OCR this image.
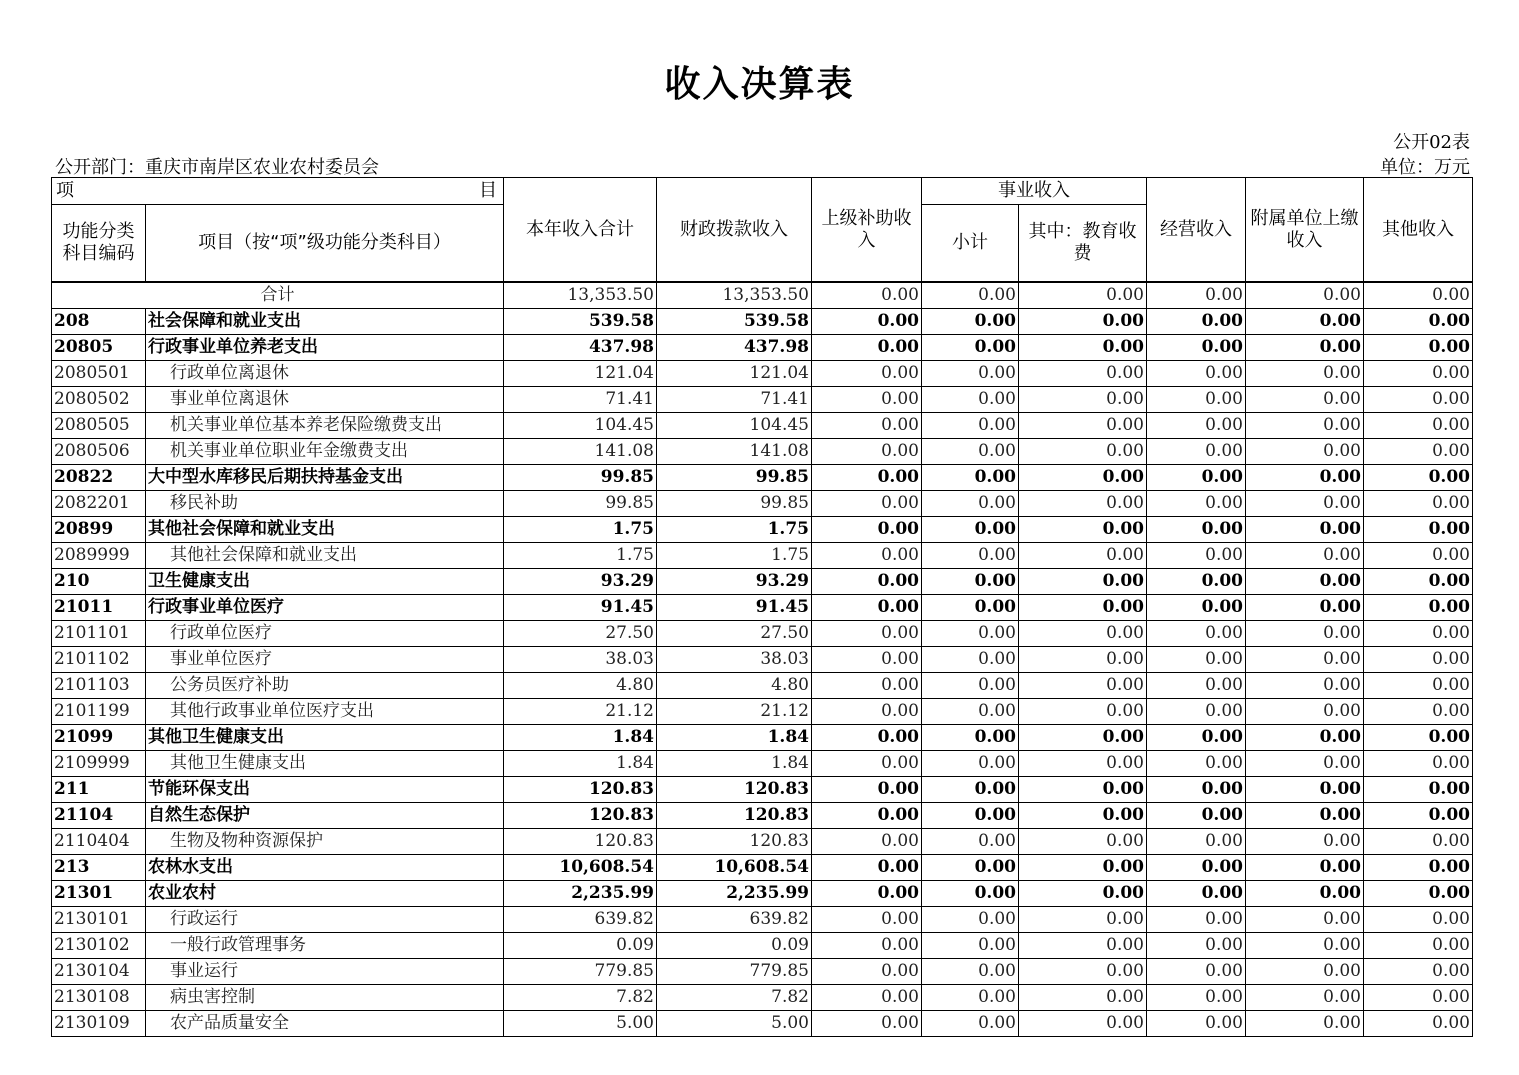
收入决算表
公开02表
公开部门：重庆市南岸区农业农村委员会	单位：万元
项 目		本年收入合计	财政拨款收入	上级补助收入	事业收入		经营收入	附属单位上缴收入	其他收入
功能分类科目编码	项目（按“项”级功能分类科目）				小计	其中：教育收费			
合计		13,353.50	13,353.50	0.00	0.00	0.00	0.00	0.00	0.00
208	社会保障和就业支出	539.58	539.58	0.00	0.00	0.00	0.00	0.00	0.00
20805	行政事业单位养老支出	437.98	437.98	0.00	0.00	0.00	0.00	0.00	0.00
2080501	行政单位离退休	121.04	121.04	0.00	0.00	0.00	0.00	0.00	0.00
2080502	事业单位离退休	71.41	71.41	0.00	0.00	0.00	0.00	0.00	0.00
2080505	机关事业单位基本养老保险缴费支出	104.45	104.45	0.00	0.00	0.00	0.00	0.00	0.00
2080506	机关事业单位职业年金缴费支出	141.08	141.08	0.00	0.00	0.00	0.00	0.00	0.00
20822	大中型水库移民后期扶持基金支出	99.85	99.85	0.00	0.00	0.00	0.00	0.00	0.00
2082201	移民补助	99.85	99.85	0.00	0.00	0.00	0.00	0.00	0.00
20899	其他社会保障和就业支出	1.75	1.75	0.00	0.00	0.00	0.00	0.00	0.00
2089999	其他社会保障和就业支出	1.75	1.75	0.00	0.00	0.00	0.00	0.00	0.00
210	卫生健康支出	93.29	93.29	0.00	0.00	0.00	0.00	0.00	0.00
21011	行政事业单位医疗	91.45	91.45	0.00	0.00	0.00	0.00	0.00	0.00
2101101	行政单位医疗	27.50	27.50	0.00	0.00	0.00	0.00	0.00	0.00
2101102	事业单位医疗	38.03	38.03	0.00	0.00	0.00	0.00	0.00	0.00
2101103	公务员医疗补助	4.80	4.80	0.00	0.00	0.00	0.00	0.00	0.00
2101199	其他行政事业单位医疗支出	21.12	21.12	0.00	0.00	0.00	0.00	0.00	0.00
21099	其他卫生健康支出	1.84	1.84	0.00	0.00	0.00	0.00	0.00	0.00
2109999	其他卫生健康支出	1.84	1.84	0.00	0.00	0.00	0.00	0.00	0.00
211	节能环保支出	120.83	120.83	0.00	0.00	0.00	0.00	0.00	0.00
21104	自然生态保护	120.83	120.83	0.00	0.00	0.00	0.00	0.00	0.00
2110404	生物及物种资源保护	120.83	120.83	0.00	0.00	0.00	0.00	0.00	0.00
213	农林水支出	10,608.54	10,608.54	0.00	0.00	0.00	0.00	0.00	0.00
21301	农业农村	2,235.99	2,235.99	0.00	0.00	0.00	0.00	0.00	0.00
2130101	行政运行	639.82	639.82	0.00	0.00	0.00	0.00	0.00	0.00
2130102	一般行政管理事务	0.09	0.09	0.00	0.00	0.00	0.00	0.00	0.00
2130104	事业运行	779.85	779.85	0.00	0.00	0.00	0.00	0.00	0.00
2130108	病虫害控制	7.82	7.82	0.00	0.00	0.00	0.00	0.00	0.00
2130109	农产品质量安全	5.00	5.00	0.00	0.00	0.00	0.00	0.00	0.00
